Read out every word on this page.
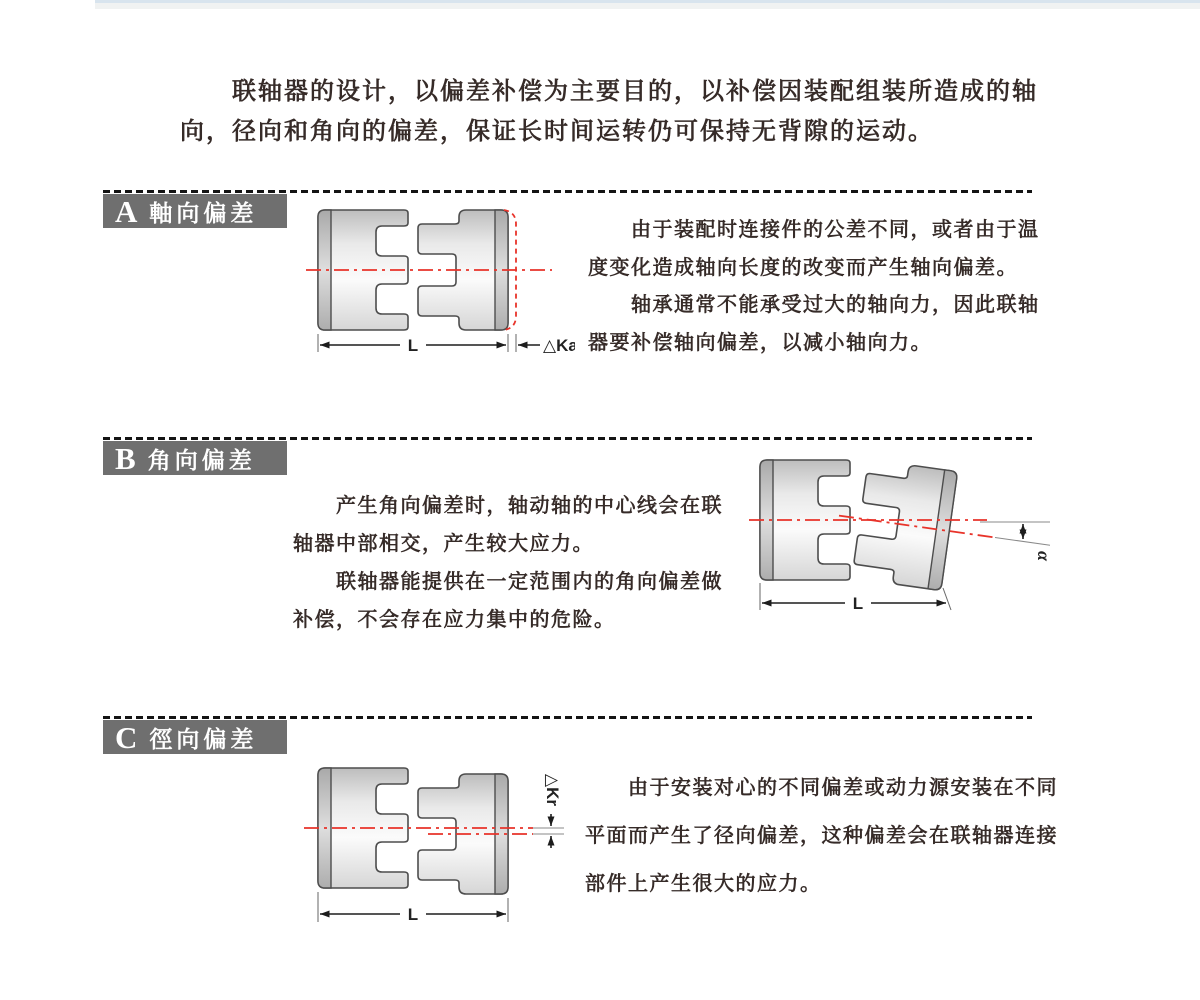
　　联轴器的设计，以偏差补偿为主要目的，以补偿因装配组装所造成的轴
向，径向和角向的偏差，保证长时间运转仍可保持无背隙的运动。
A 軸向偏差
L	△Ka
　　由于装配时连接件的公差不同，或者由于温
度变化造成轴向长度的改变而产生轴向偏差。
　　轴承通常不能承受过大的轴向力，因此联轴
器要补偿轴向偏差，以减小轴向力。
B 角向偏差
　　产生角向偏差时，轴动轴的中心线会在联
轴器中部相交，产生较大应力。
　　联轴器能提供在一定范围内的角向偏差做
补偿，不会存在应力集中的危险。
α
L
C 徑向偏差
△Kr
L
　　由于安装对心的不同偏差或动力源安装在不同
平面而产生了径向偏差，这种偏差会在联轴器连接
部件上产生很大的应力。
